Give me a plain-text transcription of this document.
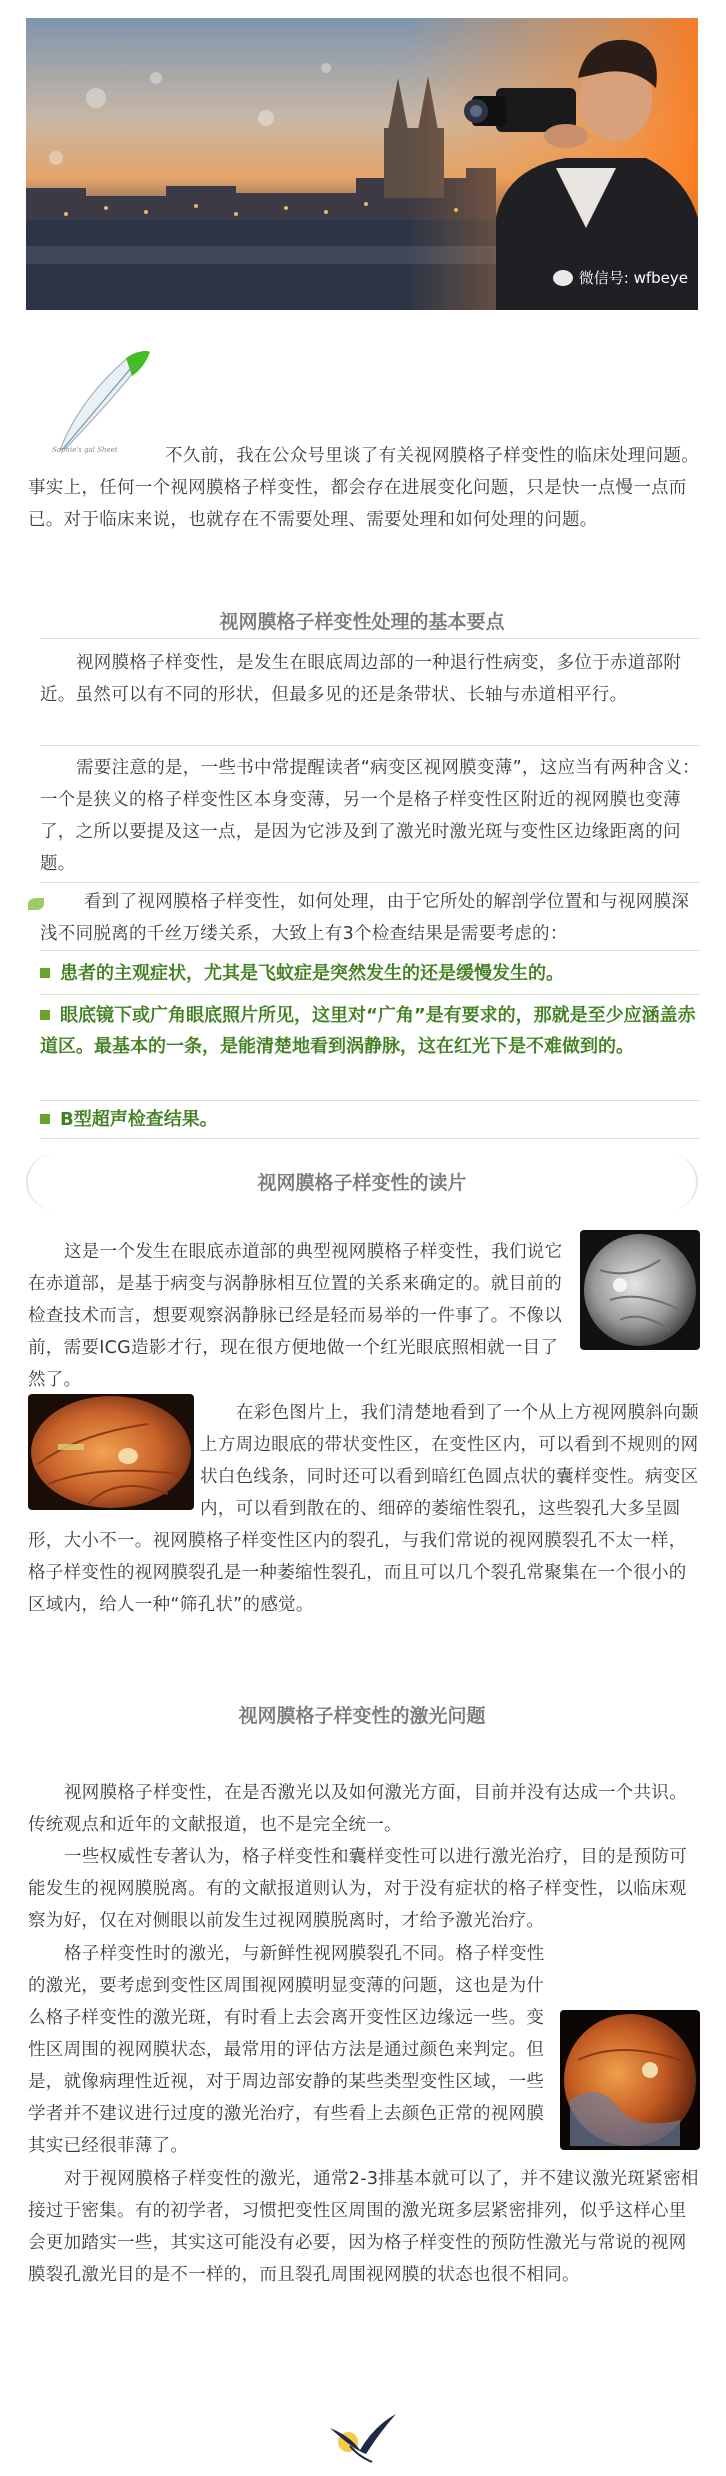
微信号: wfbeye
Sophie's gal Sheet	不久前，我在公众号里谈了有关视网膜格子样变性的临床处理问题。事实上，任何一个视网膜格子样变性，都会存在进展变化问题，只是快一点慢一点而已。对于临床来说，也就存在不需要处理、需要处理和如何处理的问题。

视网膜格子样变性处理的基本要点

视网膜格子样变性，是发生在眼底周边部的一种退行性病变，多位于赤道部附近。虽然可以有不同的形状，但最多见的还是条带状、长轴与赤道相平行。

需要注意的是，一些书中常提醒读者“病变区视网膜变薄”，这应当有两种含义：一个是狭义的格子样变性区本身变薄，另一个是格子样变性区附近的视网膜也变薄了，之所以要提及这一点，是因为它涉及到了激光时激光斑与变性区边缘距离的问题。

看到了视网膜格子样变性，如何处理，由于它所处的解剖学位置和与视网膜深浅不同脱离的千丝万缕关系，大致上有3个检查结果是需要考虑的：

患者的主观症状，尤其是飞蚊症是突然发生的还是缓慢发生的。
眼底镜下或广角眼底照片所见，这里对“广角”是有要求的，那就是至少应涵盖赤道区。最基本的一条，是能清楚地看到涡静脉，这在红光下是不难做到的。
B型超声检查结果。
视网膜格子样变性的读片

这是一个发生在眼底赤道部的典型视网膜格子样变性，我们说它在赤道部，是基于病变与涡静脉相互位置的关系来确定的。就目前的检查技术而言，想要观察涡静脉已经是轻而易举的一件事了。不像以前，需要ICG造影才行，现在很方便地做一个红光眼底照相就一目了然了。

在彩色图片上，我们清楚地看到了一个从上方视网膜斜向颞上方周边眼底的带状变性区，在变性区内，可以看到不规则的网状白色线条，同时还可以看到暗红色圆点状的囊样变性。病变区内，可以看到散在的、细碎的萎缩性裂孔，这些裂孔大多呈圆形，大小不一。视网膜格子样变性区内的裂孔，与我们常说的视网膜裂孔不太一样，格子样变性的视网膜裂孔是一种萎缩性裂孔，而且可以几个裂孔常聚集在一个很小的区域内，给人一种“筛孔状”的感觉。

视网膜格子样变性的激光问题

视网膜格子样变性，在是否激光以及如何激光方面，目前并没有达成一个共识。传统观点和近年的文献报道，也不是完全统一。

一些权威性专著认为，格子样变性和囊样变性可以进行激光治疗，目的是预防可能发生的视网膜脱离。有的文献报道则认为，对于没有症状的格子样变性，以临床观察为好，仅在对侧眼以前发生过视网膜脱离时，才给予激光治疗。

格子样变性时的激光，与新鲜性视网膜裂孔不同。格子样变性的激光，要考虑到变性区周围视网膜明显变薄的问题，这也是为什么格子样变性的激光斑，有时看上去会离开变性区边缘远一些。变性区周围的视网膜状态，最常用的评估方法是通过颜色来判定。但是，就像病理性近视，对于周边部安静的某些类型变性区域，一些学者并不建议进行过度的激光治疗，有些看上去颜色正常的视网膜其实已经很菲薄了。

对于视网膜格子样变性的激光，通常2-3排基本就可以了，并不建议激光斑紧密相接过于密集。有的初学者，习惯把变性区周围的激光斑多层紧密排列，似乎这样心里会更加踏实一些，其实这可能没有必要，因为格子样变性的预防性激光与常说的视网膜裂孔激光目的是不一样的，而且裂孔周围视网膜的状态也很不相同。
